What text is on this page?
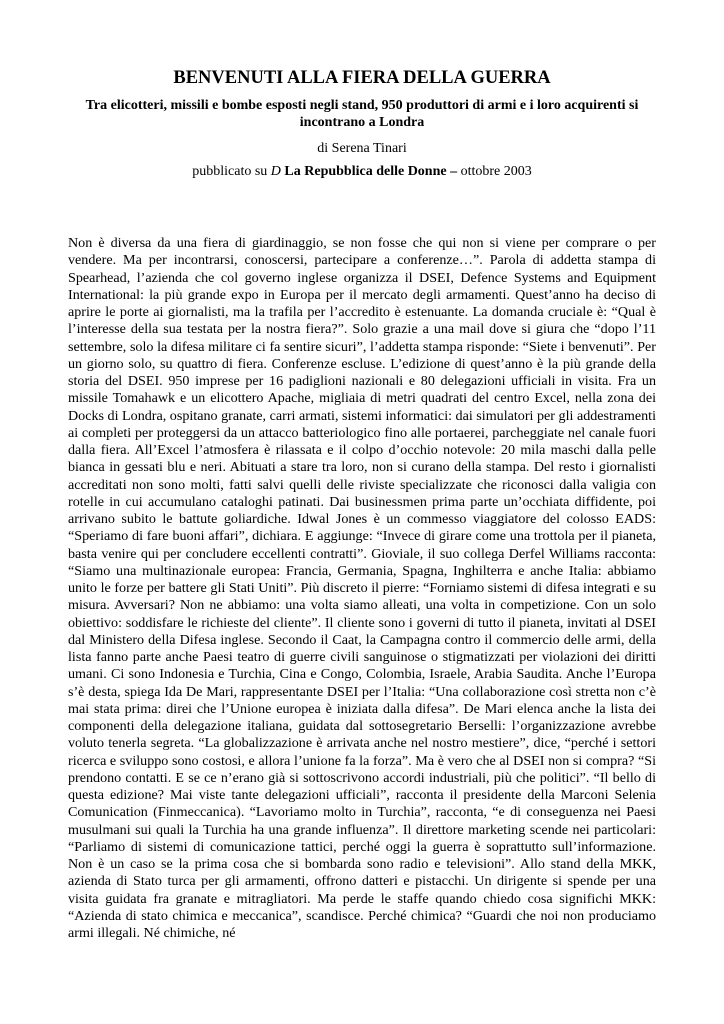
BENVENUTI ALLA FIERA DELLA GUERRA

Tra elicotteri, missili e bombe esposti negli stand, 950 produttori di armi e i loro acquirenti si incontrano a Londra

di Serena Tinari

pubblicato su D La Repubblica delle Donne – ottobre 2003

Non è diversa da una fiera di giardinaggio, se non fosse che qui non si viene per comprare o per vendere. Ma per incontrarsi, conoscersi, partecipare a conferenze…”. Parola di addetta stampa di Spearhead, l’azienda che col governo inglese organizza il DSEI, Defence Systems and Equipment International: la più grande expo in Europa per il mercato degli armamenti. Quest’anno ha deciso di aprire le porte ai giornalisti, ma la trafila per l’accredito è estenuante. La domanda cruciale è: “Qual è l’interesse della sua testata per la nostra fiera?”. Solo grazie a una mail dove si giura che “dopo l’11 settembre, solo la difesa militare ci fa sentire sicuri”, l’addetta stampa risponde: “Siete i benvenuti”. Per un giorno solo, su quattro di fiera. Conferenze escluse. L’edizione di quest’anno è la più grande della storia del DSEI. 950 imprese per 16 padiglioni nazionali e 80 delegazioni ufficiali in visita. Fra un missile Tomahawk e un elicottero Apache, migliaia di metri quadrati del centro Excel, nella zona dei Docks di Londra, ospitano granate, carri armati, sistemi informatici: dai simulatori per gli addestramenti ai completi per proteggersi da un attacco batteriologico fino alle portaerei, parcheggiate nel canale fuori dalla fiera. All’Excel l’atmosfera è rilassata e il colpo d’occhio notevole: 20 mila maschi dalla pelle bianca in gessati blu e neri. Abituati a stare tra loro, non si curano della stampa. Del resto i giornalisti accreditati non sono molti, fatti salvi quelli delle riviste specializzate che riconosci dalla valigia con rotelle in cui accumulano cataloghi patinati. Dai businessmen prima parte un’occhiata diffidente, poi arrivano subito le battute goliardiche. Idwal Jones è un commesso viaggiatore del colosso EADS: “Speriamo di fare buoni affari”, dichiara. E aggiunge: “Invece di girare come una trottola per il pianeta, basta venire qui per concludere eccellenti contratti”. Gioviale, il suo collega Derfel Williams racconta: “Siamo una multinazionale europea: Francia, Germania, Spagna, Inghilterra e anche Italia: abbiamo unito le forze per battere gli Stati Uniti”. Più discreto il pierre: “Forniamo sistemi di difesa integrati e su misura. Avversari? Non ne abbiamo: una volta siamo alleati, una volta in competizione. Con un solo obiettivo: soddisfare le richieste del cliente”. Il cliente sono i governi di tutto il pianeta, invitati al DSEI dal Ministero della Difesa inglese. Secondo il Caat, la Campagna contro il commercio delle armi, della lista fanno parte anche Paesi teatro di guerre civili sanguinose o stigmatizzati per violazioni dei diritti umani. Ci sono Indonesia e Turchia, Cina e Congo, Colombia, Israele, Arabia Saudita. Anche l’Europa s’è desta, spiega Ida De Mari, rappresentante DSEI per l’Italia: “Una collaborazione così stretta non c’è mai stata prima: direi che l’Unione europea è iniziata dalla difesa”. De Mari elenca anche la lista dei componenti della delegazione italiana, guidata dal sottosegretario Berselli: l’organizzazione avrebbe voluto tenerla segreta. “La globalizzazione è arrivata anche nel nostro mestiere”, dice, “perché i settori ricerca e sviluppo sono costosi, e allora l’unione fa la forza”. Ma è vero che al DSEI non si compra? “Si prendono contatti. E se ce n’erano già si sottoscrivono accordi industriali, più che politici”. “Il bello di questa edizione? Mai viste tante delegazioni ufficiali”, racconta il presidente della Marconi Selenia Comunication (Finmeccanica). “Lavoriamo molto in Turchia”, racconta, “e di conseguenza nei Paesi musulmani sui quali la Turchia ha una grande influenza”. Il direttore marketing scende nei particolari: “Parliamo di sistemi di comunicazione tattici, perché oggi la guerra è soprattutto sull’informazione. Non è un caso se la prima cosa che si bombarda sono radio e televisioni”. Allo stand della MKK, azienda di Stato turca per gli armamenti, offrono datteri e pistacchi. Un dirigente si spende per una visita guidata fra granate e mitragliatori. Ma perde le staffe quando chiedo cosa significhi MKK: “Azienda di stato chimica e meccanica”, scandisce. Perché chimica? “Guardi che noi non produciamo armi illegali. Né chimiche, né
